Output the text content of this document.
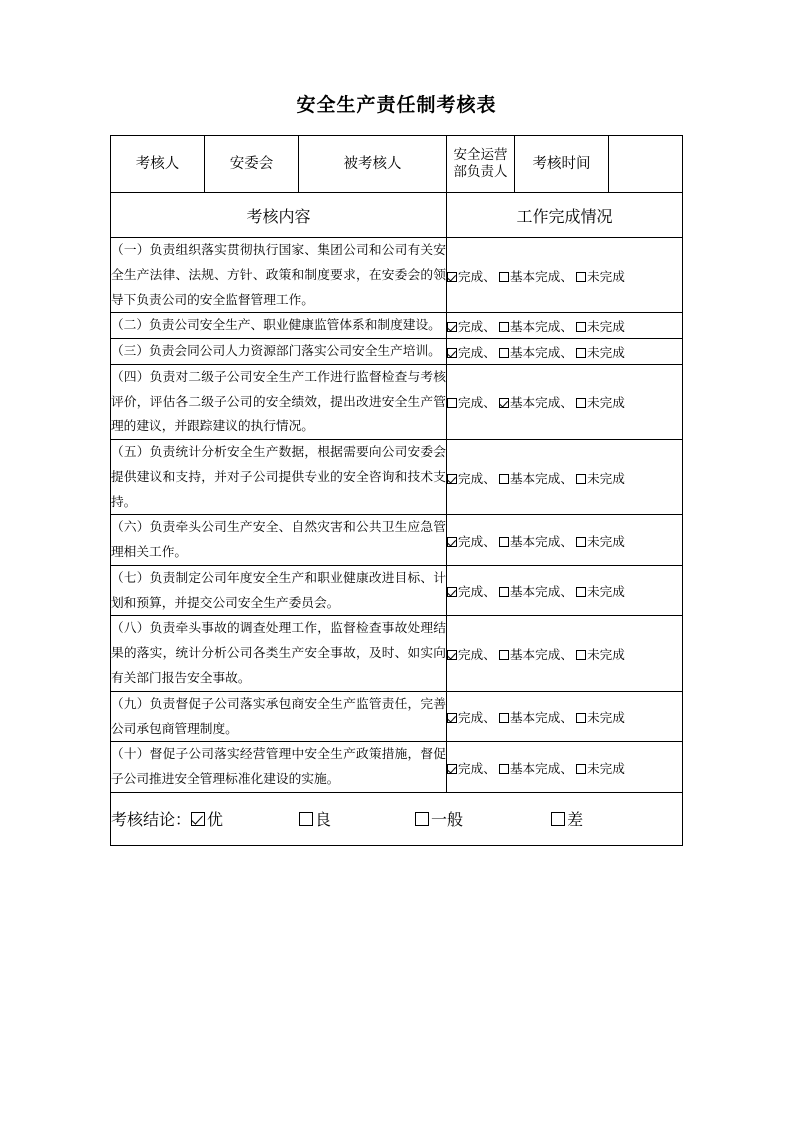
安全生产责任制考核表
考核人	安委会	被考核人	安全运营部负责人	考核时间	
考核内容			工作完成情况		
（一）负责组织落实贯彻执行国家、集团公司和公司有关安全生产法律、法规、方针、政策和制度要求，在安委会的领导下负责公司的安全监督管理工作。			完成、 基本完成、 未完成		
（二）负责公司安全生产、职业健康监管体系和制度建设。			完成、 基本完成、 未完成		
（三）负责会同公司人力资源部门落实公司安全生产培训。			完成、 基本完成、 未完成		
（四）负责对二级子公司安全生产工作进行监督检查与考核评价，评估各二级子公司的安全绩效，提出改进安全生产管理的建议，并跟踪建议的执行情况。			完成、 基本完成、 未完成		
（五）负责统计分析安全生产数据，根据需要向公司安委会提供建议和支持，并对子公司提供专业的安全咨询和技术支持。			完成、 基本完成、 未完成		
（六）负责牵头公司生产安全、自然灾害和公共卫生应急管理相关工作。			完成、 基本完成、 未完成		
（七）负责制定公司年度安全生产和职业健康改进目标、计划和预算，并提交公司安全生产委员会。			完成、 基本完成、 未完成		
（八）负责牵头事故的调查处理工作，监督检查事故处理结果的落实，统计分析公司各类生产安全事故，及时、如实向有关部门报告安全事故。			完成、 基本完成、 未完成		
（九）负责督促子公司落实承包商安全生产监管责任，完善公司承包商管理制度。			完成、 基本完成、 未完成		
（十）督促子公司落实经营管理中安全生产政策措施，督促子公司推进安全管理标准化建设的实施。			完成、 基本完成、 未完成		

考核结论： 优 良 一般 差					
